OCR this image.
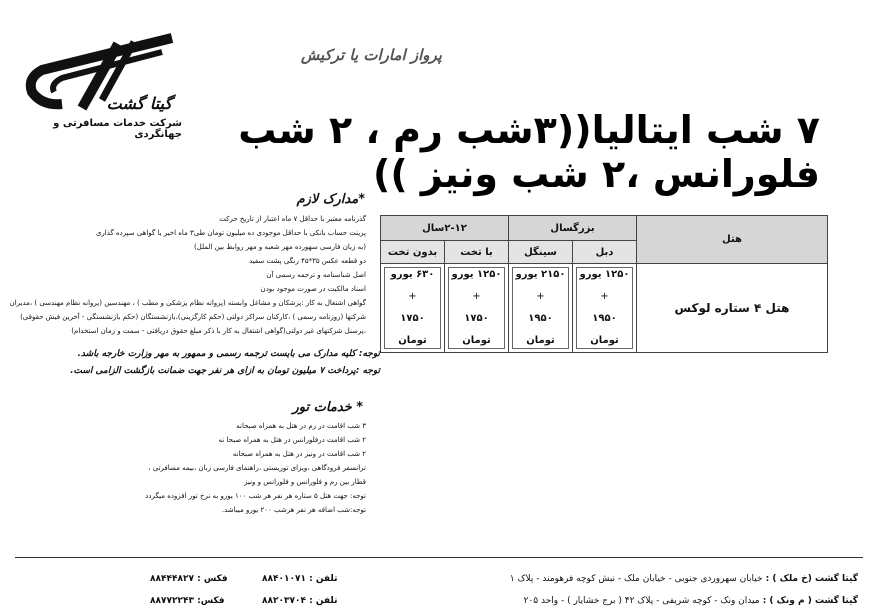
گیتا گشت
شرکت خدمات مسافرتی و جهانگردی
پرواز امارات یا ترکیش
۷ شب ایتالیا((۳شب رم ، ۲ شب فلورانس ،۲ شب ونیز ))
هتل	بزرگسال		۲-۱۲سال	
	دبل	سینگل	با تخت	بدون تخت
هتل ۴ ستاره لوکس	۱۲۵۰ یورو
+
۱۹۵۰ تومان	۲۱۵۰ یورو
+
۱۹۵۰ تومان	۱۲۵۰ یورو
+
۱۷۵۰ تومان	۶۳۰ یورو
+
۱۷۵۰ تومان
*مدارک لازم
گذرنامه معتبر با حداقل ۷ ماه اعتبار از تاریخ حرکت
پرینت حساب بانکی با حداقل موجودی ده میلیون تومان طی۳ ماه اخیر یا گواهی سپرده گذاری
(به زبان فارسی سهورده مهر شعبه و مهر روابط بین الملل)
دو قطعه عکس ۳۵*۴۵ رنگی پشت سفید
اصل شناسنامه و ترجمه رسمی آن
اسناد مالکیت در صورت موجود بودن
گواهی اشتغال به کار :پزشکان و مشاغل وابسته (پروانه نظام پزشکی و مطب ) ، مهندسین (پروانه نظام مهندسی ) ،مدیران
شرکتها (روزنامه رسمی ) ،کارکنان سراکز دولتی (حکم کارگزینی)،بازنشستگان (حکم بازنشستگی - آخرین فیش حقوقی)
،پرسنل شرکتهای غیر دولتی(گواهی اشتغال به کار با ذکر مبلغ حقوق دریافتی - سمت و زمان استخدام)
توجه: کلیه مدارک می بایست ترجمه رسمی و ممهور به مهر وزارت خارجه باشد.
توجه :پرداخت ۷ میلیون تومان به ازای هر نفر جهت ضمانت بازگشت الزامی است.
* خدمات تور
۳ شب اقامت در رم در هتل به همراه صبحانه
۲ شب اقامت درفلورانس در هتل به همراه صبحا نه
۲ شب اقامت در ونیز در هتل به همراه صبحانه
ترانسفر فرودگاهی ،ویزای توریستی ،راهنمای فارسی زبان ،بیمه مسافرتی ،
قطار بین رم و فلورانس و فلورانس و ونیز
توجه: جهت هتل ۵ ستاره هر نفر هر شب ۱۰۰ یورو به نرخ تور افزوده میگردد
توجه:شب اضافه هر نفر هرشب ۲۰۰ یورو میباشد.
گیتا گشت (خ ملک ) : خیابان سهروردی جنوبی - خیابان ملک - نبش کوچه فرهومند - پلاک ۱
تلفن : ۸۸۴۰۱۰۷۱
فکس : ۸۸۴۴۴۸۲۷
گیتا گشت ( م ونک ) : میدان ونک - کوچه شریفی - پلاک ۴۲ ( برج خشایار ) - واحد ۲۰۵
تلفن : ۸۸۲۰۳۷۰۴
فکس: ۸۸۷۷۲۲۴۳
